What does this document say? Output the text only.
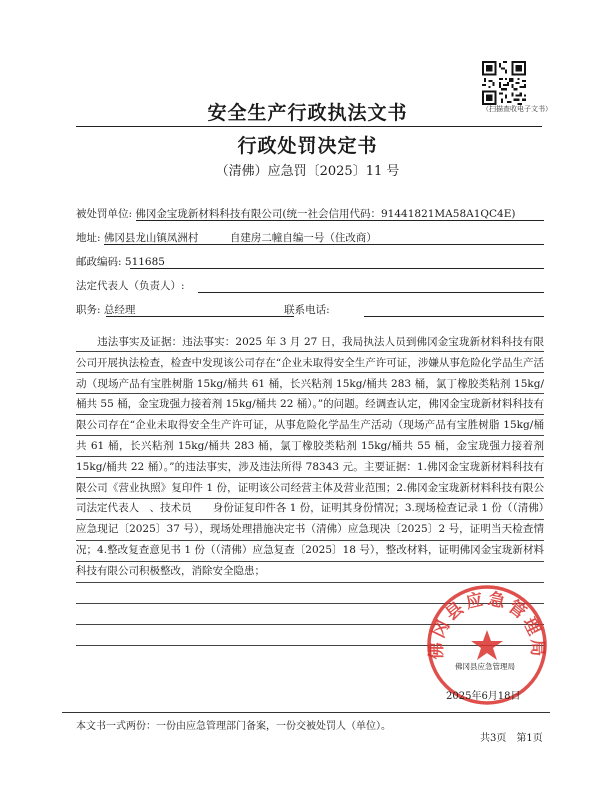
（扫描查收电子文书）
安全生产行政执法文书
行政处罚决定书
（清佛）应急罚〔2025〕11 号
被处罚单位: 佛冈金宝珑新材料科技有限公司(统一社会信用代码：91441821MA58A1QC4E)
地址: 佛冈县龙山镇凤洲村　　　自建房二幢自编一号（住改商）
邮政编码: 511685
法定代表人（负责人）:
职务: 总经理	联系电话:
违法事实及证据：违法事实：2025 年 3 月 27 日，我局执法人员到佛冈金宝珑新材料科技有限公司开展执法检查，检查中发现该公司存在“企业未取得安全生产许可证，涉嫌从事危险化学品生产活动（现场产品有宝胜树脂 15kg/桶共 61 桶，长兴粘剂 15kg/桶共 283 桶，氯丁橡胶类粘剂 15kg/桶共 55 桶，金宝珑强力接着剂 15kg/桶共 22 桶）。”的问题。经调查认定，佛冈金宝珑新材料科技有限公司存在“企业未取得安全生产许可证，从事危险化学品生产活动（现场产品有宝胜树脂 15kg/桶共 61 桶，长兴粘剂 15kg/桶共 283 桶，氯丁橡胶类粘剂 15kg/桶共 55 桶，金宝珑强力接着剂 15kg/桶共 22 桶）。”的违法事实，涉及违法所得 78343 元。主要证据：1.佛冈金宝珑新材料科技有限公司《营业执照》复印件 1 份，证明该公司经营主体及营业范围；2.佛冈金宝珑新材料科技有限公司法定代表人　、技术员　　身份证复印件各 1 份，证明其身份情况；3.现场检查记录 1 份（（清佛）应急现记〔2025〕37 号），现场处理措施决定书（清佛）应急现决〔2025〕2 号，证明当天检查情况；4.整改复查意见书 1 份（（清佛）应急复查〔2025〕18 号），整改材料，证明佛冈金宝珑新材料科技有限公司积极整改，消除安全隐患；
佛冈县应急管理局
佛冈县应急管理局
2025年6月18日
本文书一式两份：一份由应急管理部门备案，一份交被处罚人（单位）。
共3页　第1页
